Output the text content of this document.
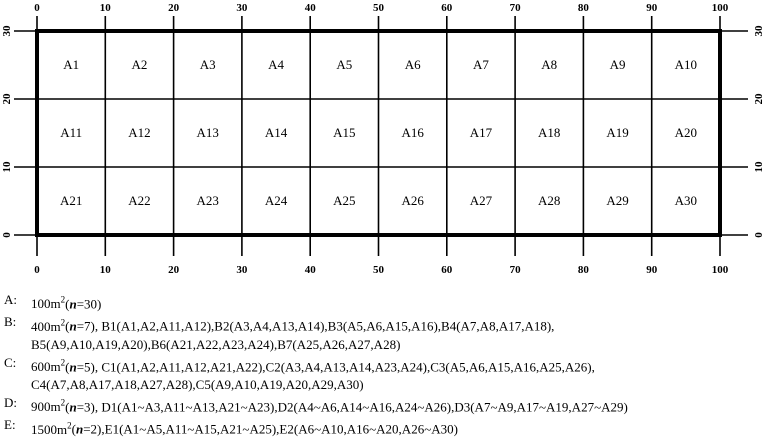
0	10	20	30	40	50	60	70	80	90	100
0	10	20	30	40	50	60	70	80	90	100
0
10
20
30
0
10
20
30
A1	A2	A3	A4	A5	A6	A7	A8	A9	A10
A11	A12	A13	A14	A15	A16	A17	A18	A19	A20
A21	A22	A23	A24	A25	A26	A27	A28	A29	A30
A: $100m^2(n=30)$
B: $400m^2(n=7)$, B1(A1,A2,A11,A12),B2(A3,A4,A13,A14),B3(A5,A6,A15,A16),B4(A7,A8,A17,A18),
B5(A9,A10,A19,A20),B6(A21,A22,A23,A24),B7(A25,A26,A27,A28)
C: $600m^2(n=5)$, C1(A1,A2,A11,A12,A21,A22),C2(A3,A4,A13,A14,A23,A24),C3(A5,A6,A15,A16,A25,A26),
C4(A7,A8,A17,A18,A27,A28),C5(A9,A10,A19,A20,A29,A30)
D: $900m^2(n=3)$, D1(A1~A3,A11~A13,A21~A23),D2(A4~A6,A14~A16,A24~A26),D3(A7~A9,A17~A19,A27~A29)
E: $1500m^2(n=2),E1(A1\sim A5,A11\sim A15,A21\sim A25),E2(A6\sim A10,A16\sim A20,A26\sim A30)$
